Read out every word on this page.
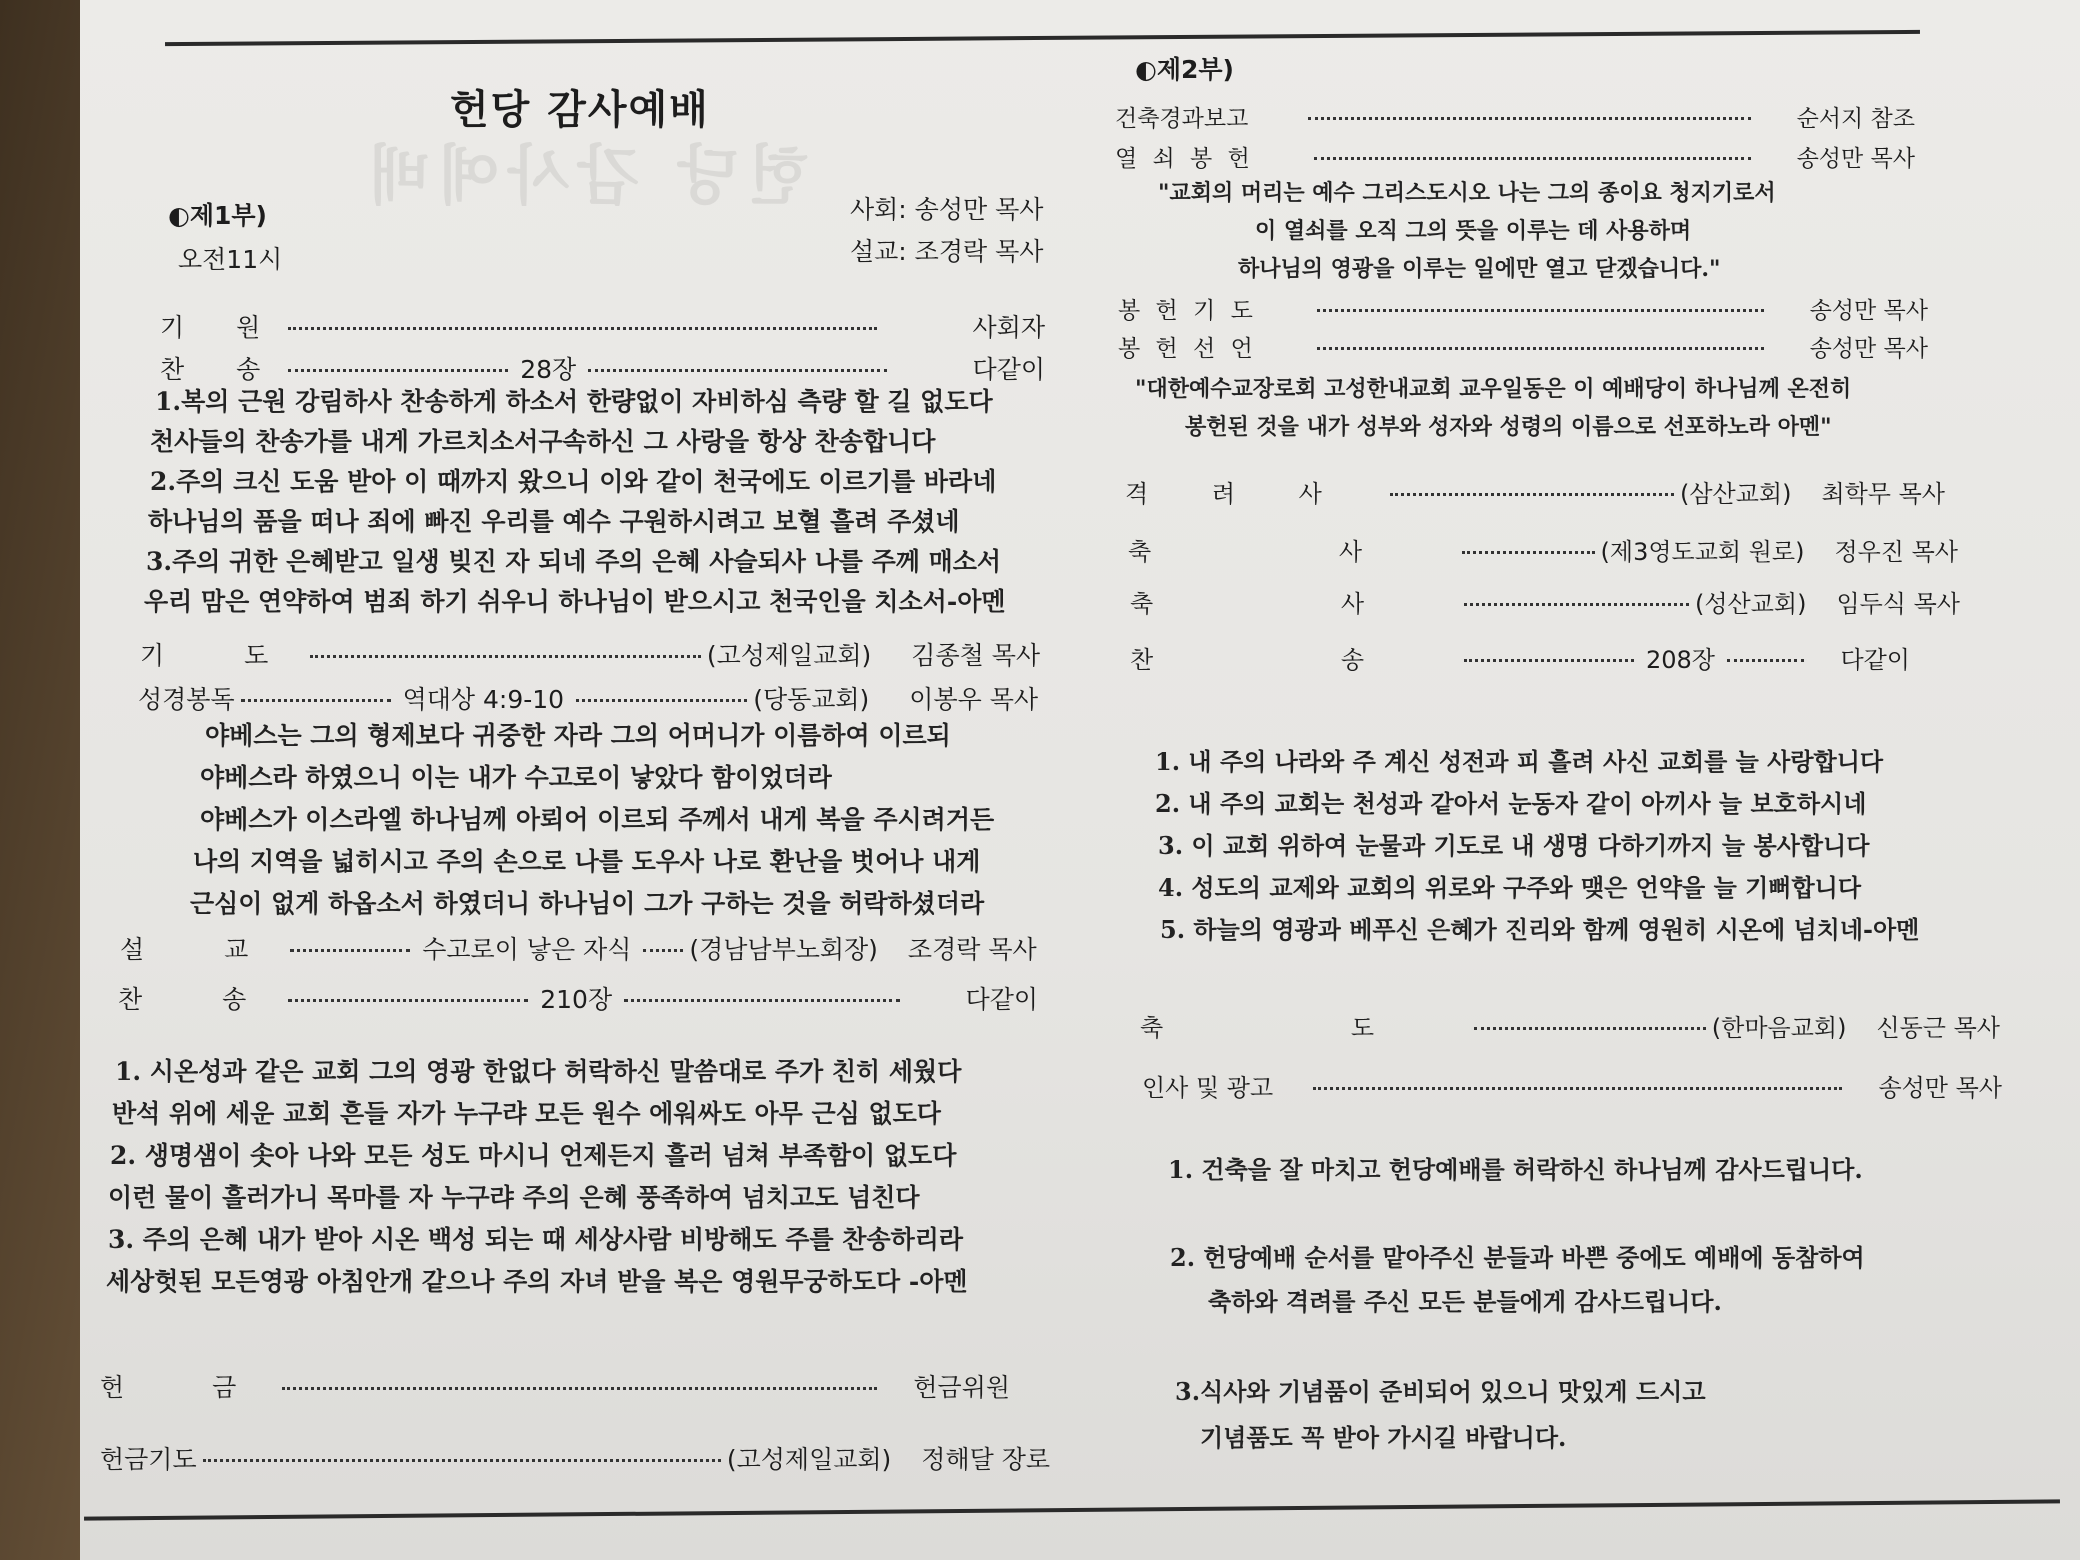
헌당 감사예배
헌당 감사예배
◐제1부)
오전11시
사회: 송성만 목사
설교: 조경락 목사
기 원	사회자
찬 송	28장	다같이
1.복의 근원 강림하사 찬송하게 하소서 한량없이 자비하심 측량 할 길 없도다
천사들의 찬송가를 내게 가르치소서구속하신 그 사랑을 항상 찬송합니다
2.주의 크신 도움 받아 이 때까지 왔으니 이와 같이 천국에도 이르기를 바라네
하나님의 품을 떠나 죄에 빠진 우리를 예수 구원하시려고 보혈 흘려 주셨네
3.주의 귀한 은혜받고 일생 빚진 자 되네 주의 은혜 사슬되사 나를 주께 매소서
우리 맘은 연약하여 범죄 하기 쉬우니 하나님이 받으시고 천국인을 치소서-아멘
기 도	(고성제일교회) 김종철 목사
성경봉독	역대상 4:9-10	(당동교회) 이봉우 목사
야베스는 그의 형제보다 귀중한 자라 그의 어머니가 이름하여 이르되
야베스라 하였으니 이는 내가 수고로이 낳았다 함이었더라
야베스가 이스라엘 하나님께 아뢰어 이르되 주께서 내게 복을 주시려거든
나의 지역을 넓히시고 주의 손으로 나를 도우사 나로 환난을 벗어나 내게
근심이 없게 하옵소서 하였더니 하나님이 그가 구하는 것을 허락하셨더라
설 교	수고로이 낳은 자식 (경남남부노회장) 조경락 목사
찬 송	210장	다같이
1. 시온성과 같은 교회 그의 영광 한없다 허락하신 말씀대로 주가 친히 세웠다
반석 위에 세운 교회 흔들 자가 누구랴 모든 원수 에워싸도 아무 근심 없도다
2. 생명샘이 솟아 나와 모든 성도 마시니 언제든지 흘러 넘쳐 부족함이 없도다
이런 물이 흘러가니 목마를 자 누구랴 주의 은혜 풍족하여 넘치고도 넘친다
3. 주의 은혜 내가 받아 시온 백성 되는 때 세상사람 비방해도 주를 찬송하리라
세상헛된 모든영광 아침안개 같으나 주의 자녀 받을 복은 영원무궁하도다 -아멘
헌 금	헌금위원
헌금기도	(고성제일교회) 정해달 장로
◐제2부)
건축경과보고	순서지 참조
열 쇠 봉 헌	송성만 목사
"교회의 머리는 예수 그리스도시오 나는 그의 종이요 청지기로서
이 열쇠를 오직 그의 뜻을 이루는 데 사용하며
하나님의 영광을 이루는 일에만 열고 닫겠습니다."
봉 헌 기 도	송성만 목사
봉 헌 선 언	송성만 목사
"대한예수교장로회 고성한내교회 교우일동은 이 예배당이 하나님께 온전히
봉헌된 것을 내가 성부와 성자와 성령의 이름으로 선포하노라 아멘"
격 려 사	(삼산교회) 최학무 목사
축 사	(제3영도교회 원로) 정우진 목사
축 사	(성산교회) 임두식 목사
찬 송	208장	다같이
1. 내 주의 나라와 주 계신 성전과 피 흘려 사신 교회를 늘 사랑합니다
2. 내 주의 교회는 천성과 같아서 눈동자 같이 아끼사 늘 보호하시네
3. 이 교회 위하여 눈물과 기도로 내 생명 다하기까지 늘 봉사합니다
4. 성도의 교제와 교회의 위로와 구주와 맺은 언약을 늘 기뻐합니다
5. 하늘의 영광과 베푸신 은혜가 진리와 함께 영원히 시온에 넘치네-아멘
축 도	(한마음교회) 신동근 목사
인사 및 광고	송성만 목사
1. 건축을 잘 마치고 헌당예배를 허락하신 하나님께 감사드립니다.
2. 헌당예배 순서를 맡아주신 분들과 바쁜 중에도 예배에 동참하여
축하와 격려를 주신 모든 분들에게 감사드립니다.
3.식사와 기념품이 준비되어 있으니 맛있게 드시고
기념품도 꼭 받아 가시길 바랍니다.
